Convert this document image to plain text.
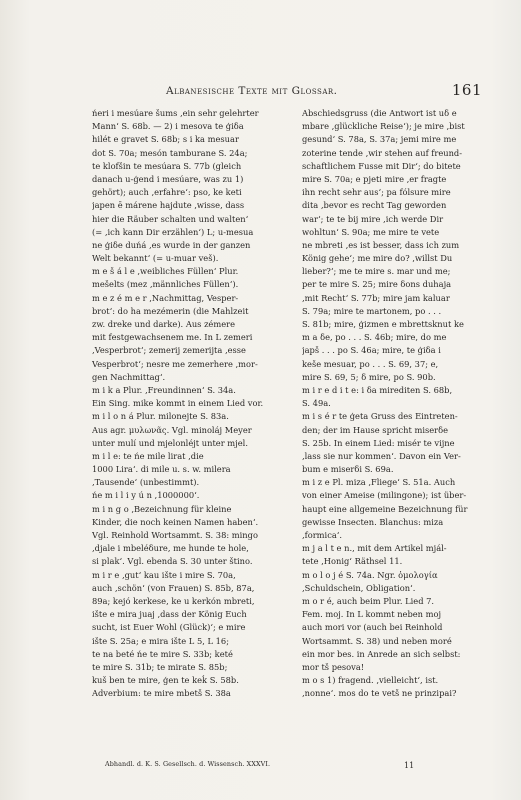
Albanesische Texte mit Glossar.	161
ńeri i mesúare šums ‚ein sehr gelehrter
Mann‘ S. 68b. — 2) i mesova te ģiδa
hilét e gravet S. 68b; s i ka mesuar
dot S. 70a; mesón tamburane S. 24a;
te klofšin te mesúara S. 77b (gleich
danach u-ģend i mesúare, was zu 1)
gehört); auch ‚erfahre‘: pso, ke keti
japen ē márene hajdute ‚wisse, dass
hier die Räuber schalten und walten‘
(= ‚ich kann Dir erzählen‘) L; u-mesua
ne ģiδe duńá ‚es wurde in der ganzen
Welt bekannt‘ (= u-muar veš).
m e š á l e ‚weibliches Füllen‘ Plur.
mešelts (mez ‚männliches Füllen‘).
m e z é m e r ‚Nachmittag, Vesper-
brot‘: do ha mezémerin (die Mahlzeit
zw. dreke und darke). Aus zémere
mit festgewachsenem me. In L zemeri
‚Vesperbrot‘; zemerij zemerijta ‚esse
Vesperbrot‘; nesre me zemerhere ‚mor-
gen Nachmittag‘.
m i k a Plur. ‚Freundinnen‘ S. 34a.
Ein Sing. mike kommt in einem Lied vor.
m i l o n á Plur. milonejte S. 83a.
Aus agr. μυλωνᾶς. Vgl. minoláj Meyer
unter mulí und mjelonléjt unter mjel.
m i l e: te ńe mile lirat ‚die
1000 Lira‘. di mile u. s. w. milera
‚Tausende‘ (unbestimmt).
ńe m i l i y ú n ‚1000000‘.
m i n g o ‚Bezeichnung für kleine
Kinder, die noch keinen Namen haben‘.
Vgl. Reinhold Wortsammt. S. 38: mingo
‚djale i mbeléδure, me hunde te hole,
si plak‘. Vgl. ebenda S. 30 unter štino.
m i r e ‚gut‘ kau ište i mire S. 70a,
auch ‚schön‘ (von Frauen) S. 85b, 87a,
89a; kejó kerkese, ke u kerkón mbreti,
ište e mira juaj ‚dass der König Euch
sucht, ist Euer Wohl (Glück)‘; e mire
ište S. 25a; e mira ište L 5, L 16;
te na beté ńe te mire S. 33b; keté
te mire S. 31b; te mirate S. 85b;
kuš ben te mire, ģen te keḱ S. 58b.
Adverbium: te mire mbetš S. 38a
Abschiedsgruss (die Antwort ist uδ e
mbare ‚glückliche Reise‘); je mire ‚bist
gesund‘ S. 78a, S. 37a; jemi mire me
zoterine tende ‚wir stehen auf freund-
schaftlichem Fusse mit Dir‘; do bitete
mire S. 70a; e pjeti mire ‚er fragte
ihn recht sehr aus‘; pa fólsure mire
dita ‚bevor es recht Tag geworden
war‘; te te bij mire ‚ich werde Dir
wohltun‘ S. 90a; me mire te vete
ne mbreti ‚es ist besser, dass ich zum
König gehe‘; me mire do? ‚willst Du
lieber?‘; me te mire s. mar und me;
per te mire S. 25; mire δons duhaja
‚mit Recht‘ S. 77b; mire jam kaluar
S. 79a; mire te martonem, po . . .
S. 81b; mire, ģizmen e mbrettsknut ke
m a δe, po . . . S. 46b; mire, do me
japš . . . po S. 46a; mire, te ģiδa i
keše mesuar, po . . . S. 69, 37; e,
mire S. 69, 5; δ mire, po S. 90b.
m i r e d i t e: i δa mirediten S. 68b,
S. 49a.
m i s é r te ģeta Gruss des Eintreten-
den; der im Hause spricht miserδe
S. 25b. In einem Lied: misér te vijne
‚lass sie nur kommen‘. Davon ein Ver-
bum e miserδi S. 69a.
m i z e Pl. miza ‚Fliege‘ S. 51a. Auch
von einer Ameise (milingone); ist über-
haupt eine allgemeine Bezeichnung für
gewisse Insecten. Blanchus: miza
‚formica‘.
m j a l t e n., mit dem Artikel mjál-
tete ‚Honig‘ Räthsel 11.
m o l o j é S. 74a. Ngr. ὁμολογία
‚Schuldschein, Obligation‘.
m o r é, auch beim Plur. Lied 7.
Fem. moj. In L kommt neben moj
auch mori vor (auch bei Reinhold
Wortsammt. S. 38) und neben moré
ein mor bes. in Anrede an sich selbst:
mor tš pesova!
m o s 1) fragend. ‚vielleicht‘, ist.
‚nonne‘. mos do te vetš ne prinzipai?
Abhandl. d. K. S. Gesellsch. d. Wissensch. XXXVI.	11
